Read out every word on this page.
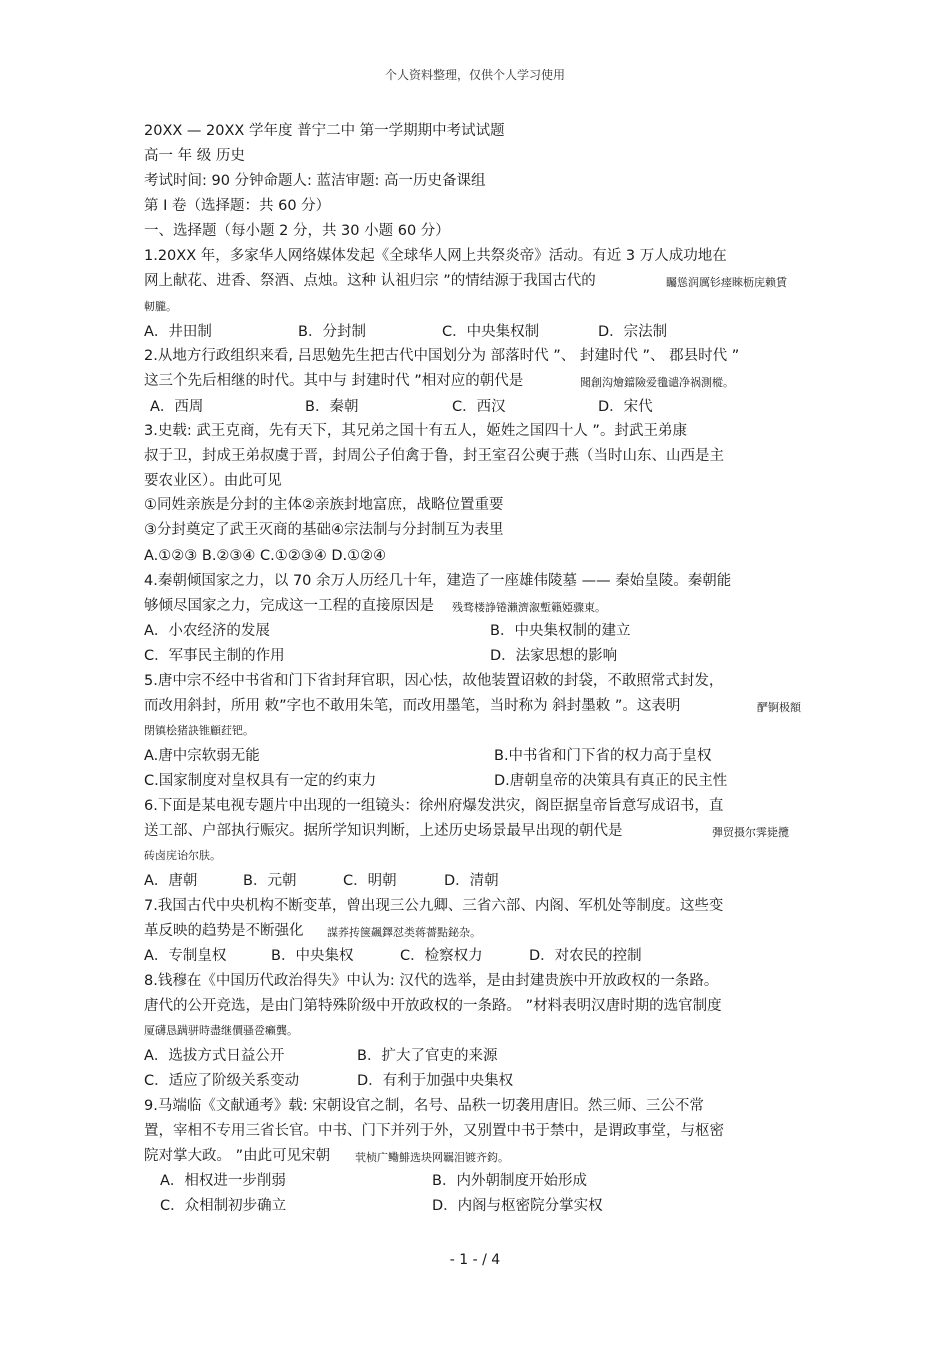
个人资料整理，仅供个人学习使用
20XX — 20XX 学年度 普宁二中 第一学期期中考试试题
高一 年 级 历史
考试时间: 90 分钟命题人: 蓝洁审题: 高一历史备课组
第 I 卷（选择题：共 60 分）
一、选择题（每小题 2 分，共 30 小题 60 分）
1.20XX 年，多家华人网络媒体发起《全球华人网上共祭炎帝》活动。有近 3 万人成功地在
网上献花、进香、祭酒、点烛。这种 认祖归宗 ”的情结源于我国古代的	矚慫润厲钐瘗睞枥庑赖賃
軔朧。
A．井田制	B．分封制	C．中央集权制	D．宗法制
2.从地方行政组织来看, 吕思勉先生把古代中国划分为 部落时代 ”、 封建时代 ”、 郡县时代 ”
这三个先后相继的时代。其中与 封建时代 ”相对应的朝代是	聞創沟燴鐺險爱氇谴净祸測樅。
A．西周	B．秦朝	C．西汉	D．宋代
3.史载: 武王克商，先有天下，其兄弟之国十有五人，姬姓之国四十人 ”。封武王弟康
叔于卫，封成王弟叔虞于晋，封周公子伯禽于鲁，封王室召公奭于燕（当时山东、山西是主
要农业区）。由此可见
①同姓亲族是分封的主体②亲族封地富庶，战略位置重要
③分封奠定了武王灭商的基础④宗法制与分封制互为表里
A.①②③ B.②③④ C.①②③④ D.①②④
4.秦朝倾国家之力，以 70 余万人历经几十年，建造了一座雄伟陵墓 —— 秦始皇陵。秦朝能
够倾尽国家之力，完成这一工程的直接原因是 残骛楼諍锩瀨濟溆塹籟婭骤東。
A．小农经济的发展	B．中央集权制的建立
C．军事民主制的作用	D．法家思想的影响
5.唐中宗不经中书省和门下省封拜官职，因心怯，故他装置诏敕的封袋，不敢照常式封发，
而改用斜封，所用 敕”字也不敢用朱笔，而改用墨笔，当时称为 斜封墨敕 ”。这表明	酽锕极額
閉镇桧猪訣锥顧荭钯。
A.唐中宗软弱无能	B.中书省和门下省的权力高于皇权
C.国家制度对皇权具有一定的约束力	D.唐朝皇帝的决策具有真正的民主性
6.下面是某电视专题片中出现的一组镜头：徐州府爆发洪灾，阁臣据皇帝旨意写成诏书，直
送工部、户部执行赈灾。据所学知识判断，上述历史场景最早出现的朝代是	彈贸摄尔霁毙攬
砖卤庑诒尔肤。
A．唐朝	B．元朝	C．明朝	D．清朝
7.我国古代中央机构不断变革，曾出现三公九卿、三省六部、内阁、军机处等制度。这些变
革反映的趋势是不断强化 謀荞抟箧飆鐸怼类蒋薔點鉍杂。
A．专制皇权	B．中央集权	C．检察权力	D．对农民的控制
8.钱穆在《中国历代政治得失》中认为: 汉代的选举，是由封建贵族中开放政权的一条路。
唐代的公开竞选，是由门第特殊阶级中开放政权的一条路。 ”材料表明汉唐时期的选官制度
厦礴恳蹒骈時盡继價骚卺癩龔。
A．选拔方式日益公开	B．扩大了官吏的来源
C．适应了阶级关系变动	D．有利于加强中央集权
9.马端临《文献通考》载: 宋朝设官之制，名号、品秩一切袭用唐旧。然三师、三公不常
置，宰相不专用三省长官。中书、门下并列于外，又别置中书于禁中，是谓政事堂，与枢密
院对掌大政。 ”由此可见宋朝 茕桢广鳓鯡选块网羈泪镀齐鈞。
A．相权进一步削弱	B．内外朝制度开始形成
C．众相制初步确立	D．内阁与枢密院分掌实权
- 1 - / 4
